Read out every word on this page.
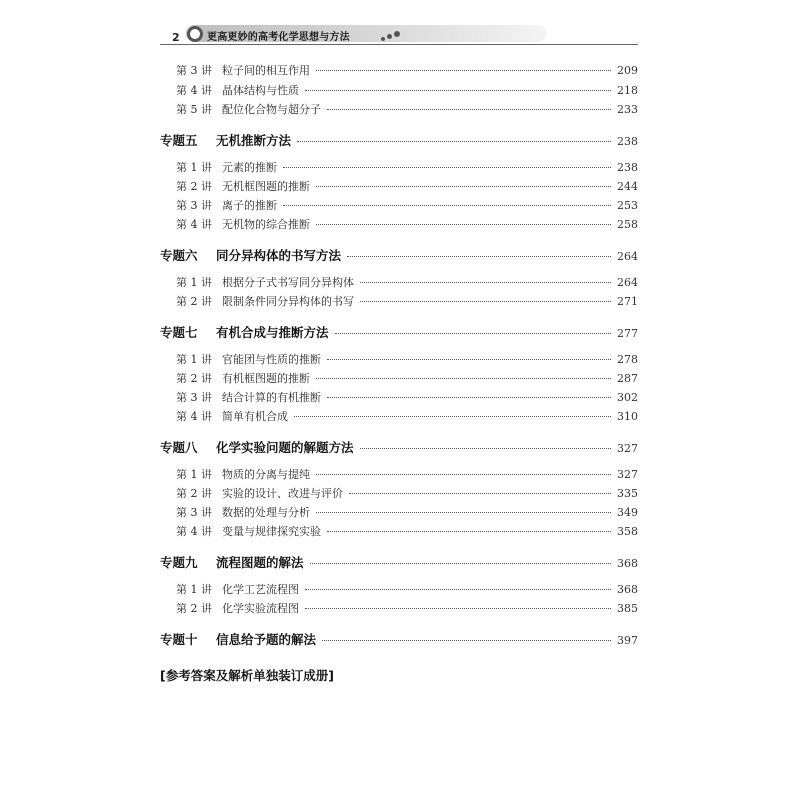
2	更高更妙的高考化学思想与方法
第 3 讲 粒子间的相互作用	209
第 4 讲 晶体结构与性质	218
第 5 讲 配位化合物与超分子	233
专题五	无机推断方法	238
第 1 讲 元素的推断	238
第 2 讲 无机框图题的推断	244
第 3 讲 离子的推断	253
第 4 讲 无机物的综合推断	258
专题六	同分异构体的书写方法	264
第 1 讲 根据分子式书写同分异构体	264
第 2 讲 限制条件同分异构体的书写	271
专题七	有机合成与推断方法	277
第 1 讲 官能团与性质的推断	278
第 2 讲 有机框图题的推断	287
第 3 讲 结合计算的有机推断	302
第 4 讲 简单有机合成	310
专题八	化学实验问题的解题方法	327
第 1 讲 物质的分离与提纯	327
第 2 讲 实验的设计、改进与评价	335
第 3 讲 数据的处理与分析	349
第 4 讲 变量与规律探究实验	358
专题九	流程图题的解法	368
第 1 讲 化学工艺流程图	368
第 2 讲 化学实验流程图	385
专题十	信息给予题的解法	397
[参考答案及解析单独装订成册]
